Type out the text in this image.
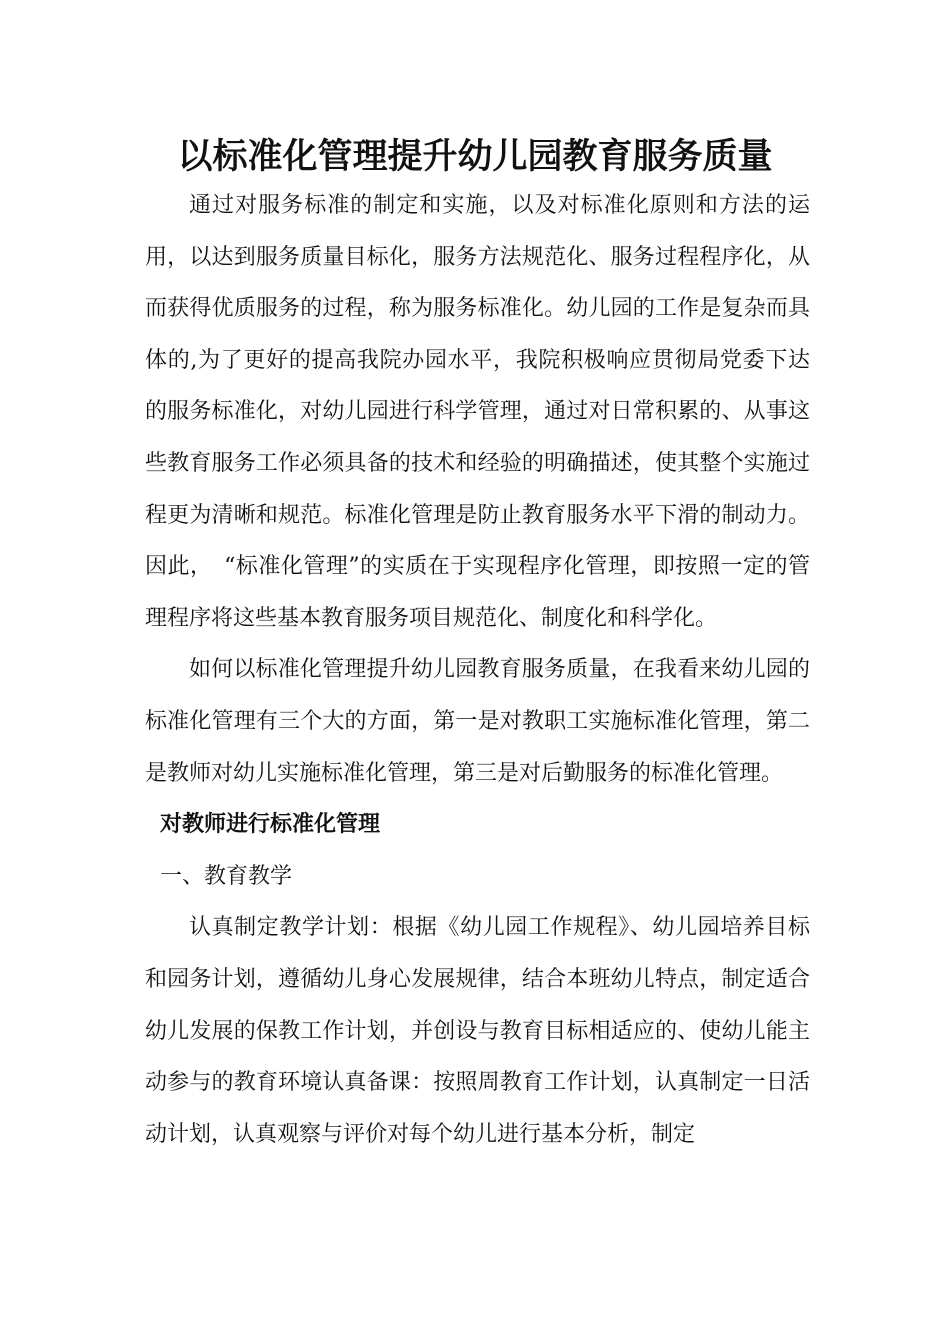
以标准化管理提升幼儿园教育服务质量

通过对服务标准的制定和实施，以及对标准化原则和方法的运用，以达到服务质量目标化，服务方法规范化、服务过程程序化，从而获得优质服务的过程，称为服务标准化。幼儿园的工作是复杂而具体的,为了更好的提高我院办园水平，我院积极响应贯彻局党委下达的服务标准化，对幼儿园进行科学管理，通过对日常积累的、从事这些教育服务工作必须具备的技术和经验的明确描述，使其整个实施过程更为清晰和规范。标准化管理是防止教育服务水平下滑的制动力。因此，　“标准化管理”的实质在于实现程序化管理，即按照一定的管理程序将这些基本教育服务项目规范化、制度化和科学化。

如何以标准化管理提升幼儿园教育服务质量，在我看来幼儿园的标准化管理有三个大的方面，第一是对教职工实施标准化管理，第二是教师对幼儿实施标准化管理，第三是对后勤服务的标准化管理。

对教师进行标准化管理

一、教育教学

认真制定教学计划：根据《幼儿园工作规程》、幼儿园培养目标和园务计划，遵循幼儿身心发展规律，结合本班幼儿特点，制定适合幼儿发展的保教工作计划，并创设与教育目标相适应的、使幼儿能主动参与的教育环境认真备课：按照周教育工作计划，认真制定一日活动计划，认真观察与评价对每个幼儿进行基本分析，制定
